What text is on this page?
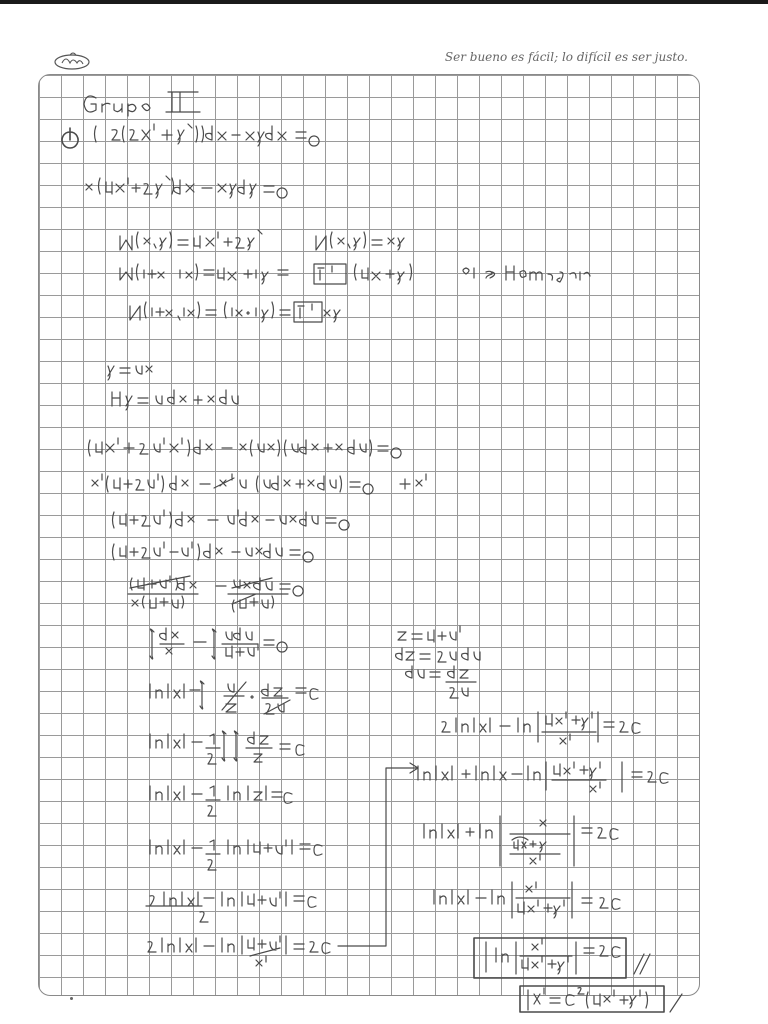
Ser bueno es fácil; lo difícil es ser justo.
